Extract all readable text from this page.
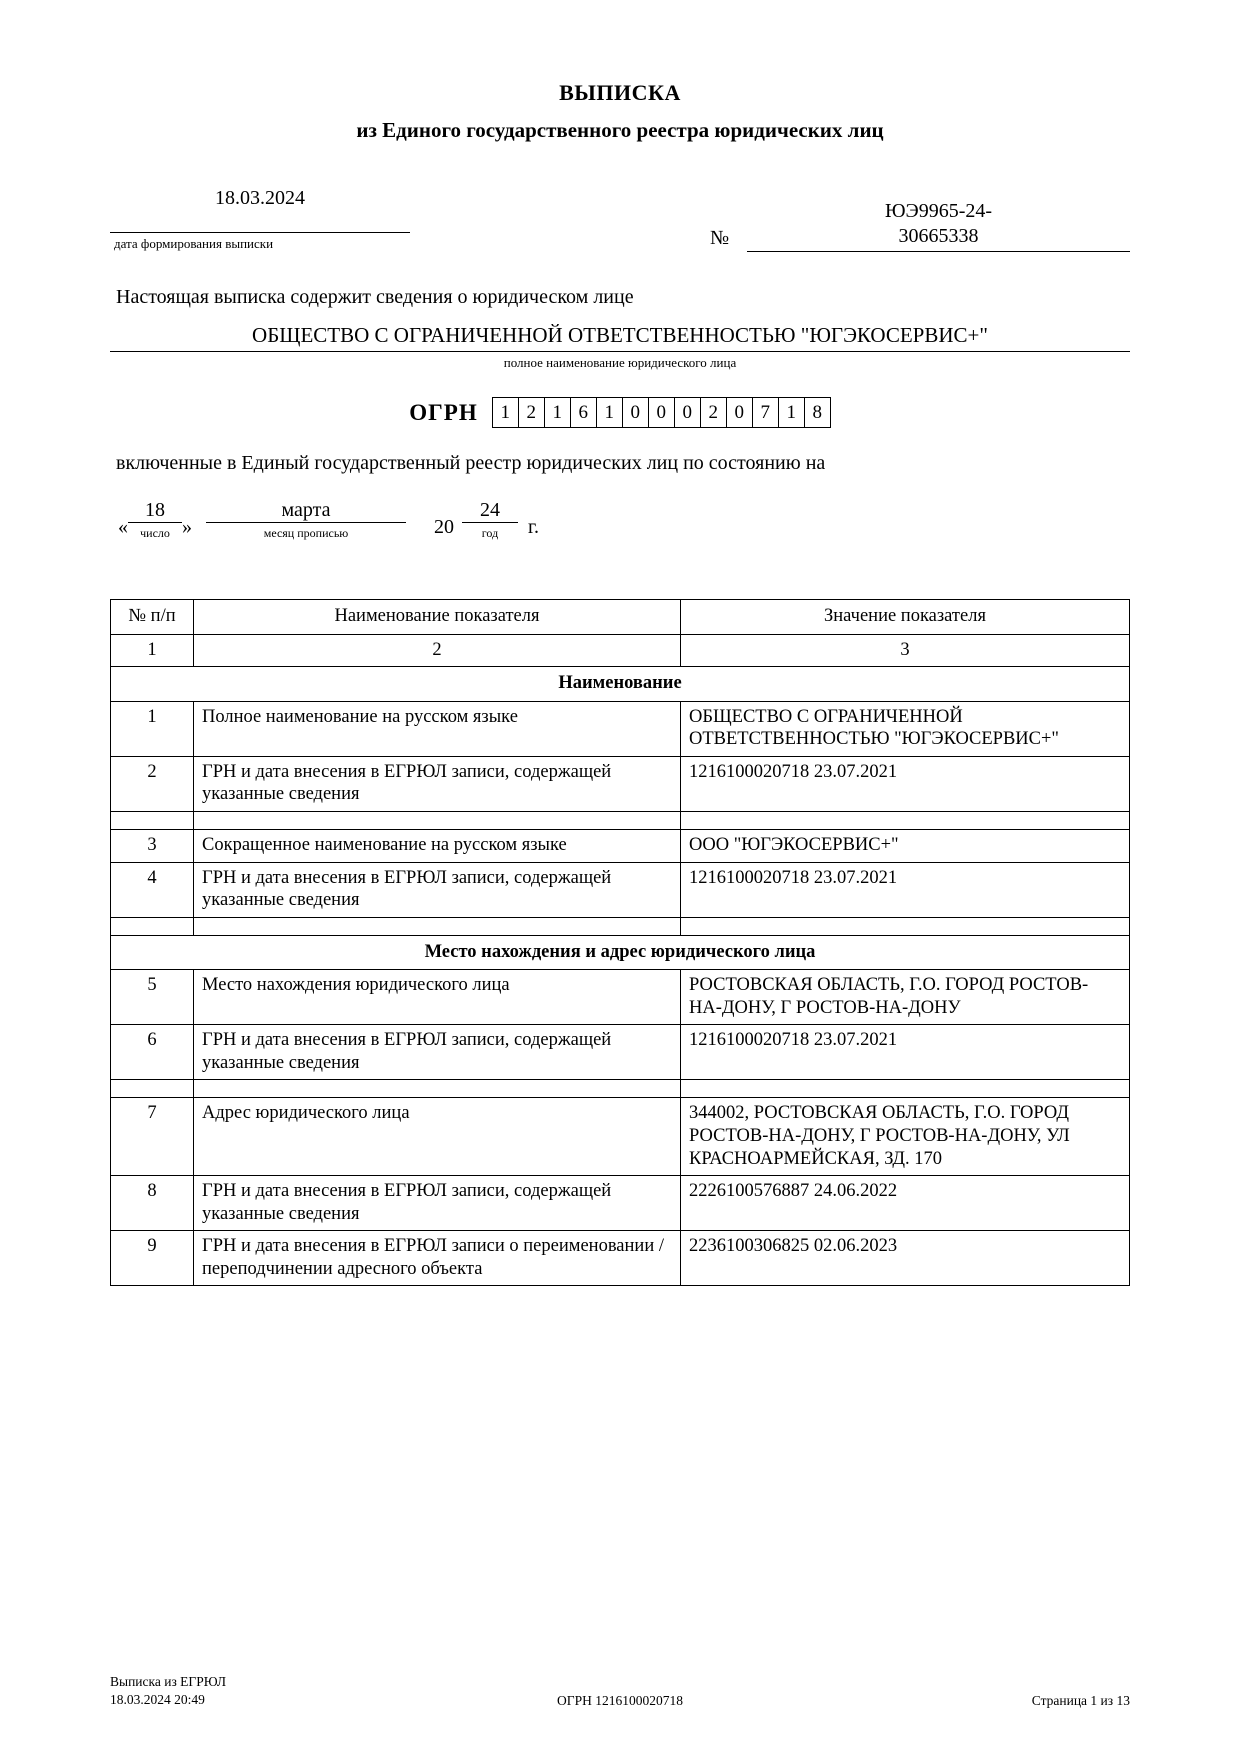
ВЫПИСКА
из Единого государственного реестра юридических лиц
18.03.2024
дата формирования выписки	№
ЮЭ9965-24-
30665338
Настоящая выписка содержит сведения о юридическом лице
ОБЩЕСТВО С ОГРАНИЧЕННОЙ ОТВЕТСТВЕННОСТЬЮ "ЮГЭКОСЕРВИС+"
полное наименование юридического лица
ОГРН	1 2 1 6 1 0 0 0 2 0 7 1 8
включенные в Единый государственный реестр юридических лиц по состоянию на
«
18
число »
марта
месяц прописью	20
24
год	г.
№ п/п	Наименование показателя	Значение показателя
1	2	3
Наименование		
1	Полное наименование на русском языке	ОБЩЕСТВО С ОГРАНИЧЕННОЙ ОТВЕТСТВЕННОСТЬЮ "ЮГЭКОСЕРВИС+"
2	ГРН и дата внесения в ЕГРЮЛ записи, содержащей указанные сведения	1216100020718 23.07.2021

3	Сокращенное наименование на русском языке	ООО "ЮГЭКОСЕРВИС+"
4	ГРН и дата внесения в ЕГРЮЛ записи, содержащей указанные сведения	1216100020718 23.07.2021

Место нахождения и адрес юридического лица		
5	Место нахождения юридического лица	РОСТОВСКАЯ ОБЛАСТЬ, Г.О. ГОРОД РОСТОВ-НА-ДОНУ, Г РОСТОВ-НА-ДОНУ
6	ГРН и дата внесения в ЕГРЮЛ записи, содержащей указанные сведения	1216100020718 23.07.2021

7	Адрес юридического лица	344002, РОСТОВСКАЯ ОБЛАСТЬ, Г.О. ГОРОД РОСТОВ-НА-ДОНУ, Г РОСТОВ-НА-ДОНУ, УЛ КРАСНОАРМЕЙСКАЯ, ЗД. 170
8	ГРН и дата внесения в ЕГРЮЛ записи, содержащей указанные сведения	2226100576887 24.06.2022
9	ГРН и дата внесения в ЕГРЮЛ записи о переименовании / переподчинении адресного объекта	2236100306825 02.06.2023
Выписка из ЕГРЮЛ
18.03.2024 20:49	ОГРН 1216100020718	Страница 1 из 13
